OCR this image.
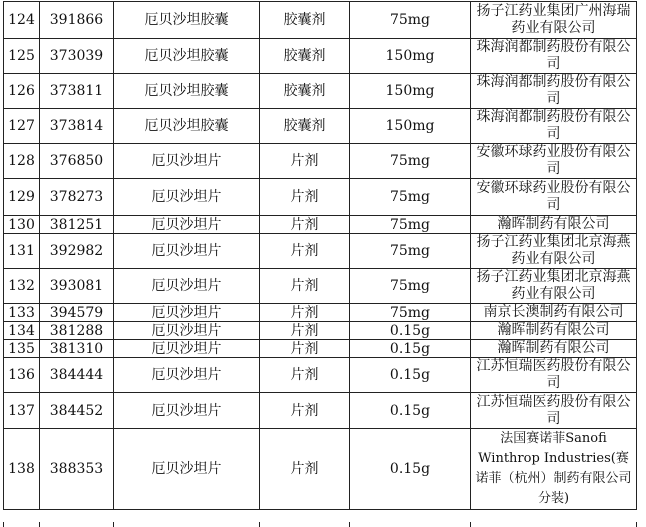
124	391866	厄贝沙坦胶囊	胶囊剂	75mg	扬子江药业集团广州海瑞药业有限公司
125	373039	厄贝沙坦胶囊	胶囊剂	150mg	珠海润都制药股份有限公司
126	373811	厄贝沙坦胶囊	胶囊剂	150mg	珠海润都制药股份有限公司
127	373814	厄贝沙坦胶囊	胶囊剂	150mg	珠海润都制药股份有限公司
128	376850	厄贝沙坦片	片剂	75mg	安徽环球药业股份有限公司
129	378273	厄贝沙坦片	片剂	75mg	安徽环球药业股份有限公司
130	381251	厄贝沙坦片	片剂	75mg	瀚晖制药有限公司
131	392982	厄贝沙坦片	片剂	75mg	扬子江药业集团北京海燕药业有限公司
132	393081	厄贝沙坦片	片剂	75mg	扬子江药业集团北京海燕药业有限公司
133	394579	厄贝沙坦片	片剂	75mg	南京长澳制药有限公司
134	381288	厄贝沙坦片	片剂	0.15g	瀚晖制药有限公司
135	381310	厄贝沙坦片	片剂	0.15g	瀚晖制药有限公司
136	384444	厄贝沙坦片	片剂	0.15g	江苏恒瑞医药股份有限公司
137	384452	厄贝沙坦片	片剂	0.15g	江苏恒瑞医药股份有限公司
138	388353	厄贝沙坦片	片剂	0.15g	法国赛诺菲Sanofi Winthrop Industries(赛诺菲（杭州）制药有限公司分装)
